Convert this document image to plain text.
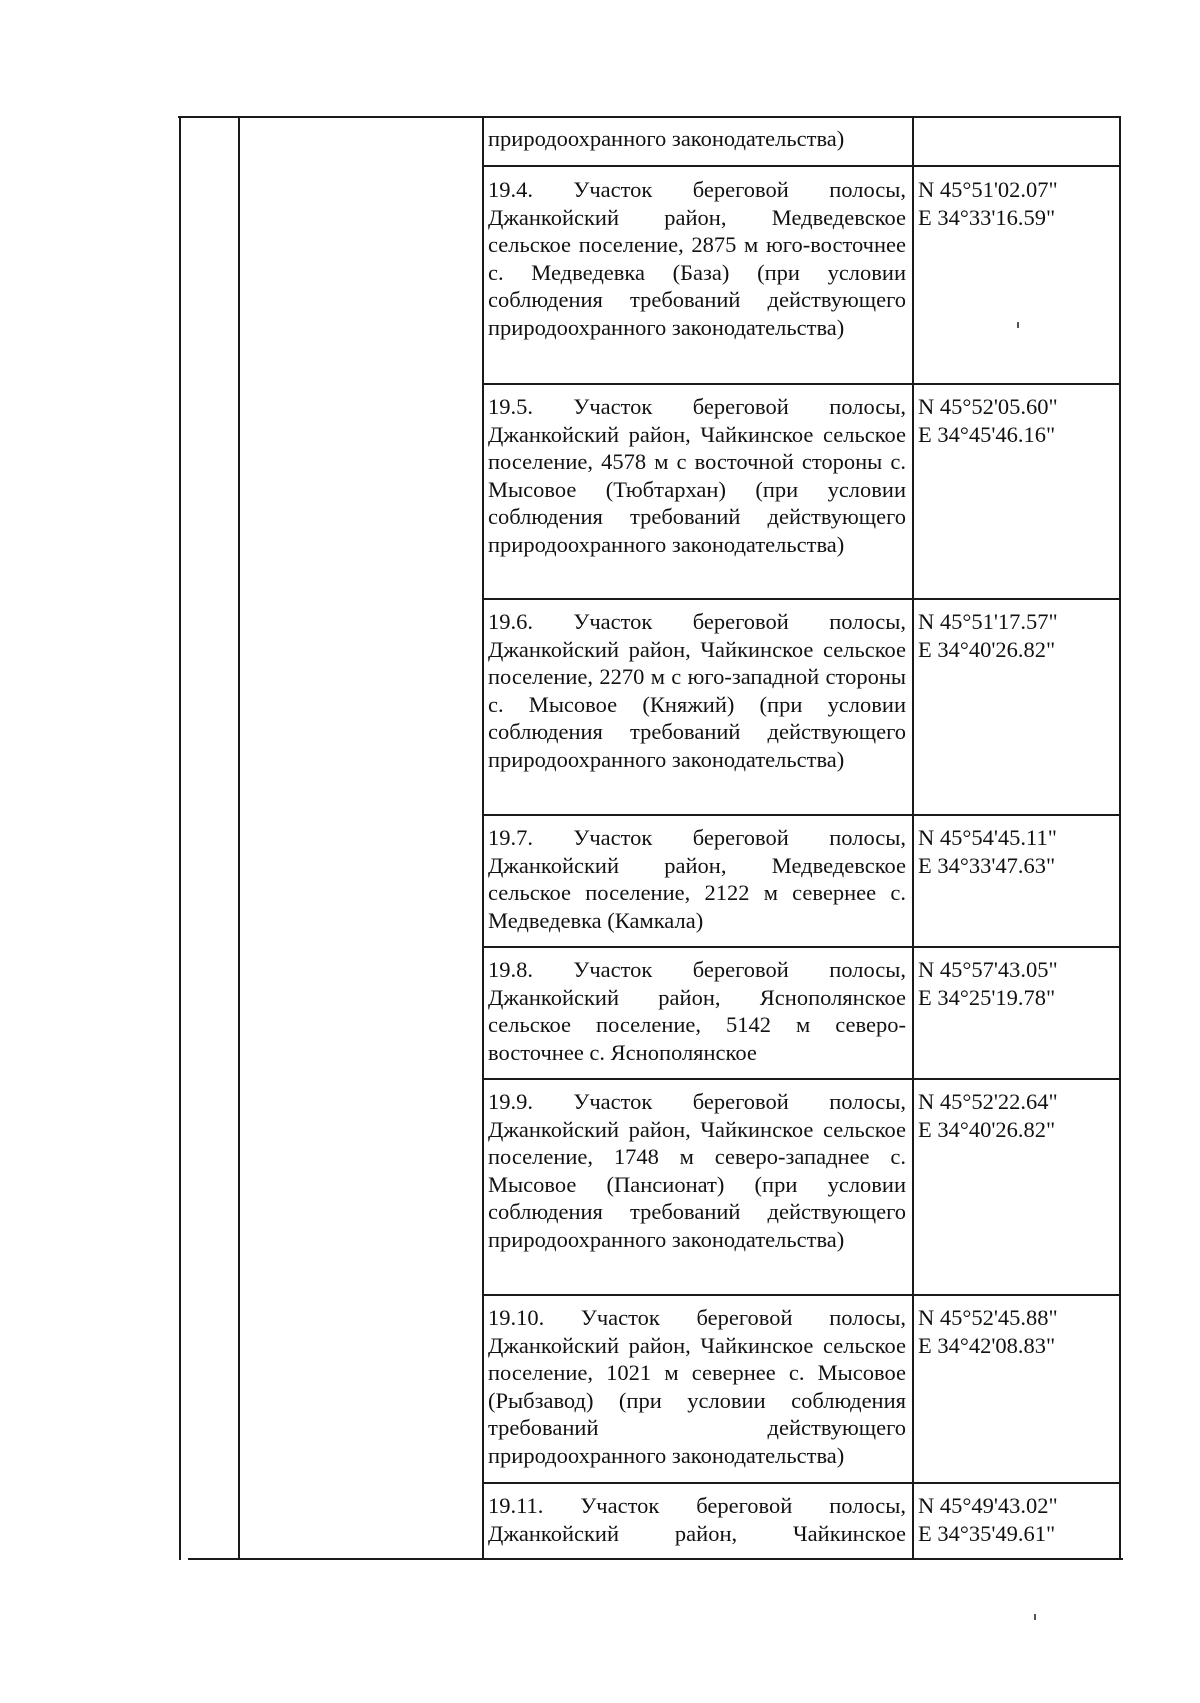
природоохранного законодательства)

19.4. Участок береговой полосы, Джанкойский район, Медведевское сельское поселение, 2875 м юго-восточнее с. Медведевка (База) (при условии соблюдения требований действующего природоохранного законодательства)

N 45°51'02.07"
E 34°33'16.59"

19.5. Участок береговой полосы, Джанкойский район, Чайкинское сельское поселение, 4578 м с восточной стороны с. Мысовое (Тюбтархан) (при условии соблюдения требований действующего природоохранного законодательства)

N 45°52'05.60"
E 34°45'46.16"

19.6. Участок береговой полосы, Джанкойский район, Чайкинское сельское поселение, 2270 м с юго-западной стороны с. Мысовое (Княжий) (при условии соблюдения требований действующего природоохранного законодательства)

N 45°51'17.57"
E 34°40'26.82"

19.7. Участок береговой полосы, Джанкойский район, Медведевское сельское поселение, 2122 м севернее с. Медведевка (Камкала)

N 45°54'45.11"
E 34°33'47.63"

19.8. Участок береговой полосы, Джанкойский район, Яснополянское сельское поселение, 5142 м северо-восточнее с. Яснополянское

N 45°57'43.05"
E 34°25'19.78"

19.9. Участок береговой полосы, Джанкойский район, Чайкинское сельское поселение, 1748 м северо-западнее с. Мысовое (Пансионат) (при условии соблюдения требований действующего природоохранного законодательства)

N 45°52'22.64"
E 34°40'26.82"

19.10. Участок береговой полосы, Джанкойский район, Чайкинское сельское поселение, 1021 м севернее с. Мысовое (Рыбзавод) (при условии соблюдения требований действующего природоохранного законодательства)

N 45°52'45.88"
E 34°42'08.83"

19.11. Участок береговой полосы, Джанкойский район, Чайкинское

N 45°49'43.02"
E 34°35'49.61"
